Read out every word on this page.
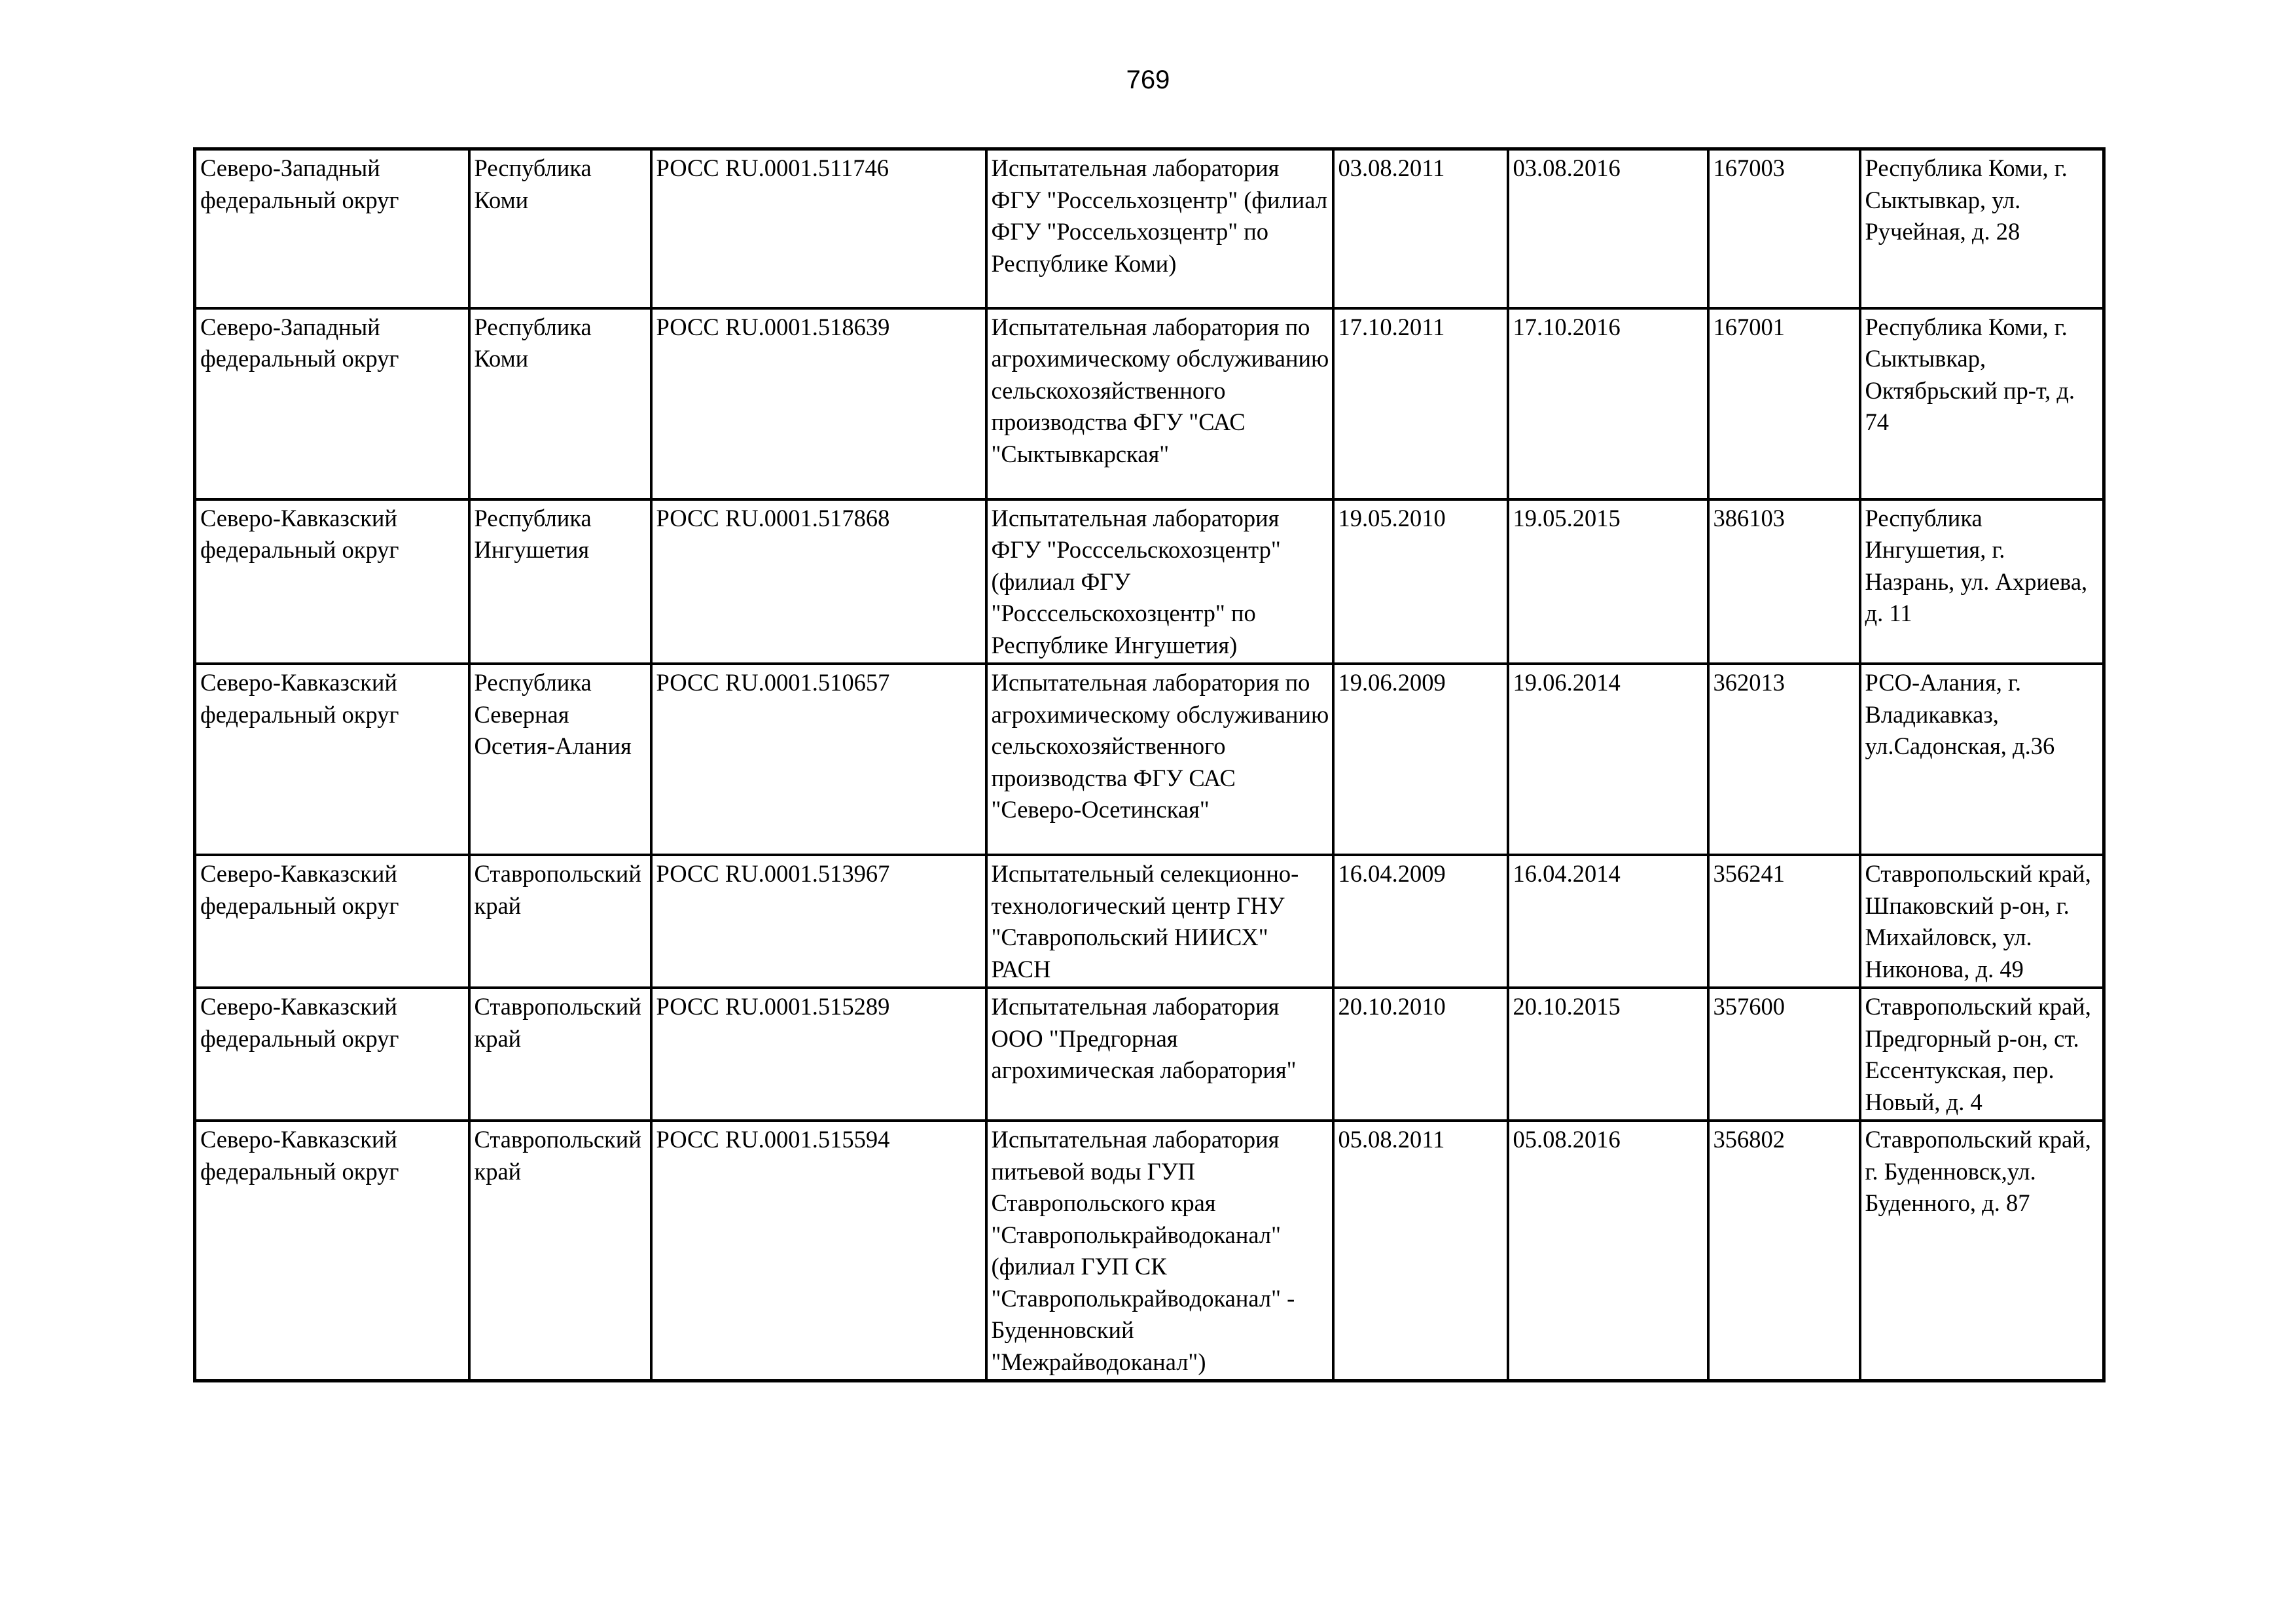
769
Северо-Западный федеральный округ	Республика Коми	РОСС RU.0001.511746	Испытательная лаборатория ФГУ "Россельхозцентр" (филиал ФГУ "Россельхозцентр" по Республике Коми)	03.08.2011	03.08.2016	167003	Республика Коми, г. Сыктывкар, ул. Ручейная, д. 28
Северо-Западный федеральный округ	Республика Коми	РОСС RU.0001.518639	Испытательная лаборатория по агрохимическому обслуживанию сельскохозяйственного производства ФГУ "САС "Сыктывкарская"	17.10.2011	17.10.2016	167001	Республика Коми, г. Сыктывкар, Октябрьский пр-т, д. 74
Северо-Кавказский федеральный округ	Республика Ингушетия	РОСС RU.0001.517868	Испытательная лаборатория ФГУ "Росссельскохозцентр" (филиал ФГУ "Росссельскохозцентр" по Республике Ингушетия)	19.05.2010	19.05.2015	386103	Республика Ингушетия, г. Назрань, ул. Ахриева, д. 11
Северо-Кавказский федеральный округ	Республика Северная Осетия-Алания	РОСС RU.0001.510657	Испытательная лаборатория по агрохимическому обслуживанию сельскохозяйственного производства ФГУ САС "Северо-Осетинская"	19.06.2009	19.06.2014	362013	РСО-Алания, г. Владикавказ, ул.Садонская, д.36
Северо-Кавказский федеральный округ	Ставропольский край	РОСС RU.0001.513967	Испытательный селекционно-технологический центр ГНУ "Ставропольский НИИСХ" РАСН	16.04.2009	16.04.2014	356241	Ставропольский край, Шпаковский р-он, г. Михайловск, ул. Никонова, д. 49
Северо-Кавказский федеральный округ	Ставропольский край	РОСС RU.0001.515289	Испытательная лаборатория ООО "Предгорная агрохимическая лаборатория"	20.10.2010	20.10.2015	357600	Ставропольский край, Предгорный р-он, ст. Ессентукская, пер. Новый, д. 4
Северо-Кавказский федеральный округ	Ставропольский край	РОСС RU.0001.515594	Испытательная лаборатория питьевой воды ГУП Ставропольского края "Ставрополькрайводоканал" (филиал ГУП СК "Ставрополькрайводоканал" - Буденновский "Межрайводоканал")	05.08.2011	05.08.2016	356802	Ставропольский край, г. Буденновск,ул. Буденного, д. 87
